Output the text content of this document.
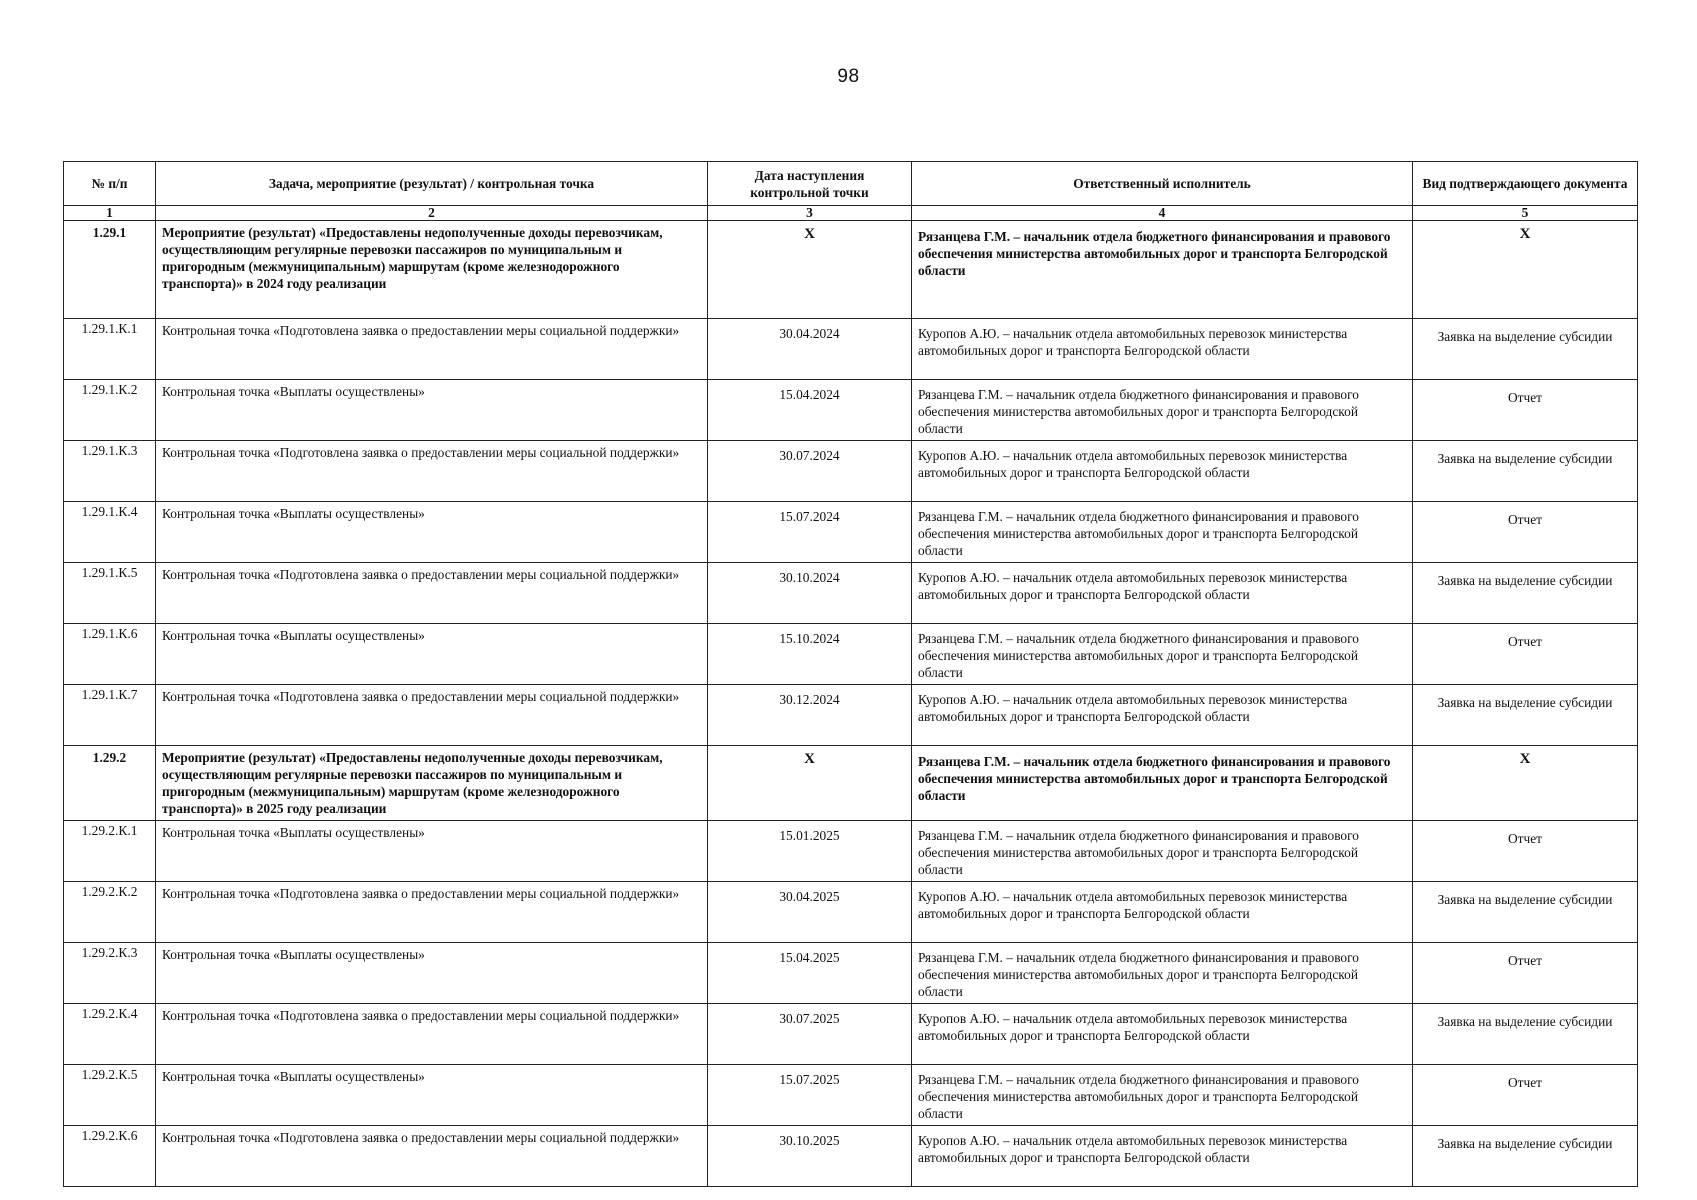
98
№ п/п	Задача, мероприятие (результат) / контрольная точка	Дата наступления контрольной точки	Ответственный исполнитель	Вид подтверждающего документа
1	2	3	4	5
1.29.1	Мероприятие (результат) «Предоставлены недополученные доходы перевозчикам, осуществляющим регулярные перевозки пассажиров по муниципальным и пригородным (межмуниципальным) маршрутам (кроме железнодорожного транспорта)» в 2024 году реализации	X	Рязанцева Г.М. – начальник отдела бюджетного финансирования и правового обеспечения министерства автомобильных дорог и транспорта Белгородской области	X
1.29.1.К.1	Контрольная точка «Подготовлена заявка о предоставлении меры социальной поддержки»	30.04.2024	Куропов А.Ю. – начальник отдела автомобильных перевозок министерства автомобильных дорог и транспорта Белгородской области	Заявка на выделение субсидии
1.29.1.К.2	Контрольная точка «Выплаты осуществлены»	15.04.2024	Рязанцева Г.М. – начальник отдела бюджетного финансирования и правового обеспечения министерства автомобильных дорог и транспорта Белгородской области	Отчет
1.29.1.К.3	Контрольная точка «Подготовлена заявка о предоставлении меры социальной поддержки»	30.07.2024	Куропов А.Ю. – начальник отдела автомобильных перевозок министерства автомобильных дорог и транспорта Белгородской области	Заявка на выделение субсидии
1.29.1.К.4	Контрольная точка «Выплаты осуществлены»	15.07.2024	Рязанцева Г.М. – начальник отдела бюджетного финансирования и правового обеспечения министерства автомобильных дорог и транспорта Белгородской области	Отчет
1.29.1.К.5	Контрольная точка «Подготовлена заявка о предоставлении меры социальной поддержки»	30.10.2024	Куропов А.Ю. – начальник отдела автомобильных перевозок министерства автомобильных дорог и транспорта Белгородской области	Заявка на выделение субсидии
1.29.1.К.6	Контрольная точка «Выплаты осуществлены»	15.10.2024	Рязанцева Г.М. – начальник отдела бюджетного финансирования и правового обеспечения министерства автомобильных дорог и транспорта Белгородской области	Отчет
1.29.1.К.7	Контрольная точка «Подготовлена заявка о предоставлении меры социальной поддержки»	30.12.2024	Куропов А.Ю. – начальник отдела автомобильных перевозок министерства автомобильных дорог и транспорта Белгородской области	Заявка на выделение субсидии
1.29.2	Мероприятие (результат) «Предоставлены недополученные доходы перевозчикам, осуществляющим регулярные перевозки пассажиров по муниципальным и пригородным (межмуниципальным) маршрутам (кроме железнодорожного транспорта)» в 2025 году реализации	X	Рязанцева Г.М. – начальник отдела бюджетного финансирования и правового обеспечения министерства автомобильных дорог и транспорта Белгородской области	X
1.29.2.К.1	Контрольная точка «Выплаты осуществлены»	15.01.2025	Рязанцева Г.М. – начальник отдела бюджетного финансирования и правового обеспечения министерства автомобильных дорог и транспорта Белгородской области	Отчет
1.29.2.К.2	Контрольная точка «Подготовлена заявка о предоставлении меры социальной поддержки»	30.04.2025	Куропов А.Ю. – начальник отдела автомобильных перевозок министерства автомобильных дорог и транспорта Белгородской области	Заявка на выделение субсидии
1.29.2.К.3	Контрольная точка «Выплаты осуществлены»	15.04.2025	Рязанцева Г.М. – начальник отдела бюджетного финансирования и правового обеспечения министерства автомобильных дорог и транспорта Белгородской области	Отчет
1.29.2.К.4	Контрольная точка «Подготовлена заявка о предоставлении меры социальной поддержки»	30.07.2025	Куропов А.Ю. – начальник отдела автомобильных перевозок министерства автомобильных дорог и транспорта Белгородской области	Заявка на выделение субсидии
1.29.2.К.5	Контрольная точка «Выплаты осуществлены»	15.07.2025	Рязанцева Г.М. – начальник отдела бюджетного финансирования и правового обеспечения министерства автомобильных дорог и транспорта Белгородской области	Отчет
1.29.2.К.6	Контрольная точка «Подготовлена заявка о предоставлении меры социальной поддержки»	30.10.2025	Куропов А.Ю. – начальник отдела автомобильных перевозок министерства автомобильных дорог и транспорта Белгородской области	Заявка на выделение субсидии
